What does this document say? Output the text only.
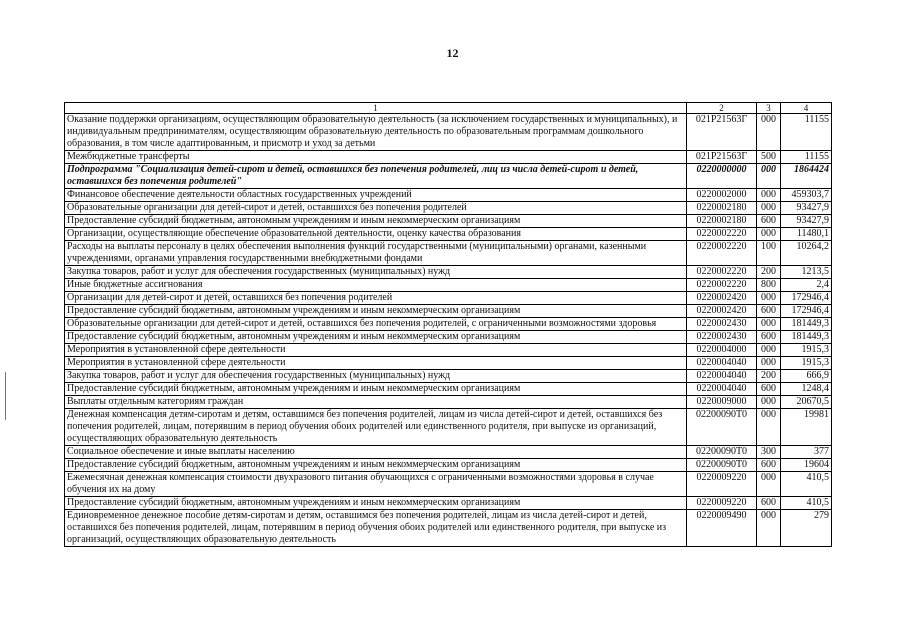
12
1	2	3	4
Оказание поддержки организациям, осуществляющим образовательную деятельность (за исключением государственных и муниципальных), и индивидуальным предпринимателям, осуществляющим образовательную деятельность по образовательным программам дошкольного образования, в том числе адаптированным, и присмотр и уход за детьми	021P21563Г	000	11155
Межбюджетные трансферты	021P21563Г	500	11155
Подпрограмма "Социализация детей-сирот и детей, оставшихся без попечения родителей, лиц из числа детей-сирот и детей, оставшихся без попечения родителей"	0220000000	000	1864424
Финансовое обеспечение деятельности областных государственных учреждений	0220002000	000	459303,7
Образовательные организации для детей-сирот и детей, оставшихся без попечения родителей	0220002180	000	93427,9
Предоставление субсидий бюджетным, автономным учреждениям и иным некоммерческим организациям	0220002180	600	93427,9
Организации, осуществляющие обеспечение образовательной деятельности, оценку качества образования	0220002220	000	11480,1
Расходы на выплаты персоналу в целях обеспечения выполнения функций государственными (муниципальными) органами, казенными учреждениями, органами управления государственными внебюджетными фондами	0220002220	100	10264,2
Закупка товаров, работ и услуг для обеспечения государственных (муниципальных) нужд	0220002220	200	1213,5
Иные бюджетные ассигнования	0220002220	800	2,4
Организации для детей-сирот и детей, оставшихся без попечения родителей	0220002420	000	172946,4
Предоставление субсидий бюджетным, автономным учреждениям и иным некоммерческим организациям	0220002420	600	172946,4
Образовательные организации для детей-сирот и детей, оставшихся без попечения родителей, с ограниченными возможностями здоровья	0220002430	000	181449,3
Предоставление субсидий бюджетным, автономным учреждениям и иным некоммерческим организациям	0220002430	600	181449,3
Мероприятия в установленной сфере деятельности	0220004000	000	1915,3
Мероприятия в установленной сфере деятельности	0220004040	000	1915,3
Закупка товаров, работ и услуг для обеспечения государственных (муниципальных) нужд	0220004040	200	666,9
Предоставление субсидий бюджетным, автономным учреждениям и иным некоммерческим организациям	0220004040	600	1248,4
Выплаты отдельным категориям граждан	0220009000	000	20670,5
Денежная компенсация детям-сиротам и детям, оставшимся без попечения родителей, лицам из числа детей-сирот и детей, оставшихся без попечения родителей, лицам, потерявшим в период обучения обоих родителей или единственного родителя, при выпуске из организаций, осуществляющих образовательную деятельность	02200090Т0	000	19981
Социальное обеспечение и иные выплаты населению	02200090Т0	300	377
Предоставление субсидий бюджетным, автономным учреждениям и иным некоммерческим организациям	02200090Т0	600	19604
Ежемесячная денежная компенсация стоимости двухразового питания обучающихся с ограниченными возможностями здоровья в случае обучения их на дому	0220009220	000	410,5
Предоставление субсидий бюджетным, автономным учреждениям и иным некоммерческим организациям	0220009220	600	410,5
Единовременное денежное пособие детям-сиротам и детям, оставшимся без попечения родителей, лицам из числа детей-сирот и детей, оставшихся без попечения родителей, лицам, потерявшим в период обучения обоих родителей или единственного родителя, при выпуске из организаций, осуществляющих образовательную деятельность	0220009490	000	279
